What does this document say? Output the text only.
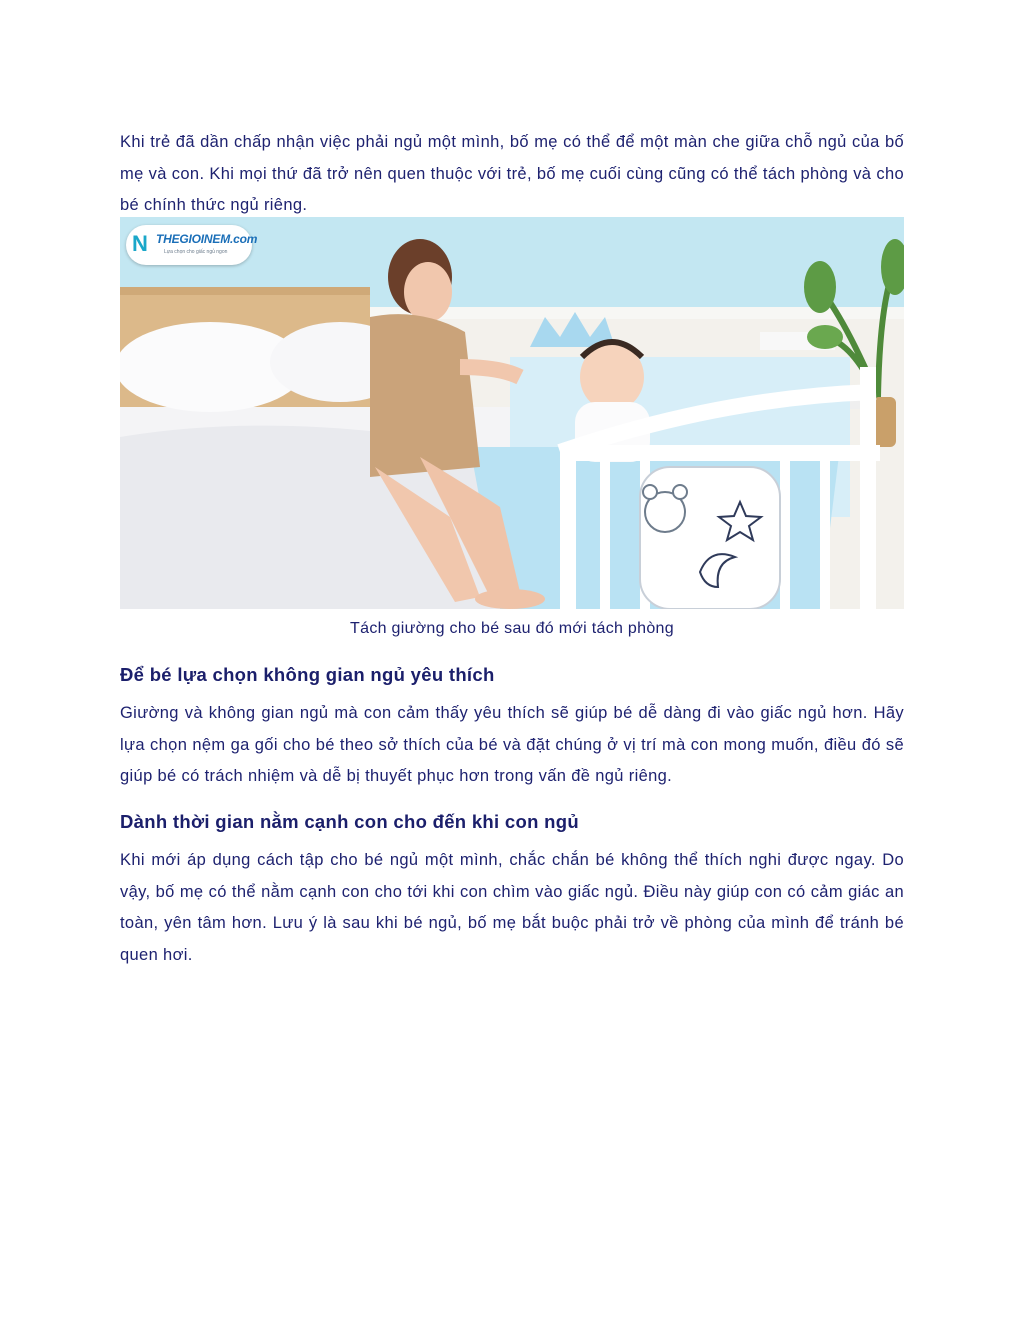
Khi trẻ đã dần chấp nhận việc phải ngủ một mình, bố mẹ có thể để một màn che giữa chỗ ngủ của bố mẹ và con. Khi mọi thứ đã trở nên quen thuộc với trẻ, bố mẹ cuối cùng cũng có thể tách phòng và cho bé chính thức ngủ riêng.

N THEGIOINEM.com
Lựa chọn cho giấc ngủ ngon

Tách giường cho bé sau đó mới tách phòng

Để bé lựa chọn không gian ngủ yêu thích

Giường và không gian ngủ mà con cảm thấy yêu thích sẽ giúp bé dễ dàng đi vào giấc ngủ hơn. Hãy lựa chọn nệm ga gối cho bé theo sở thích của bé và đặt chúng ở vị trí mà con mong muốn, điều đó sẽ giúp bé có trách nhiệm và dễ bị thuyết phục hơn trong vấn đề ngủ riêng.

Dành thời gian nằm cạnh con cho đến khi con ngủ

Khi mới áp dụng cách tập cho bé ngủ một mình, chắc chắn bé không thể thích nghi được ngay. Do vậy, bố mẹ có thể nằm cạnh con cho tới khi con chìm vào giấc ngủ. Điều này giúp con có cảm giác an toàn, yên tâm hơn. Lưu ý là sau khi bé ngủ, bố mẹ bắt buộc phải trở về phòng của mình để tránh bé quen hơi.
